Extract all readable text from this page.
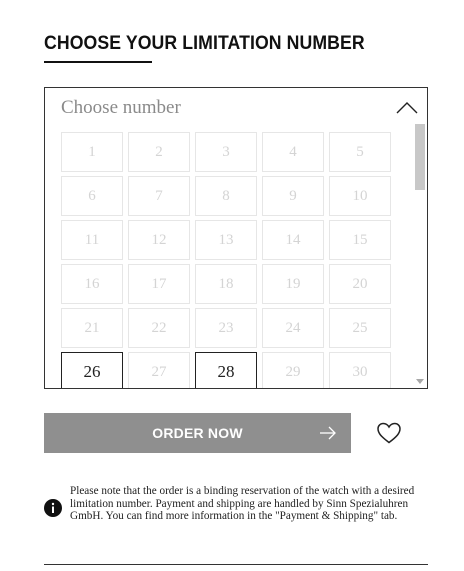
CHOOSE YOUR LIMITATION NUMBER
Choose number
1	2	3	4	5
6	7	8	9	10
11	12	13	14	15
16	17	18	19	20
21	22	23	24	25
26	27	28	29	30
ORDER NOW

Please note that the order is a binding reservation of the watch with a desired limitation number. Payment and shipping are handled by Sinn Spezialuhren GmbH. You can find more information in the "Payment & Shipping" tab.
